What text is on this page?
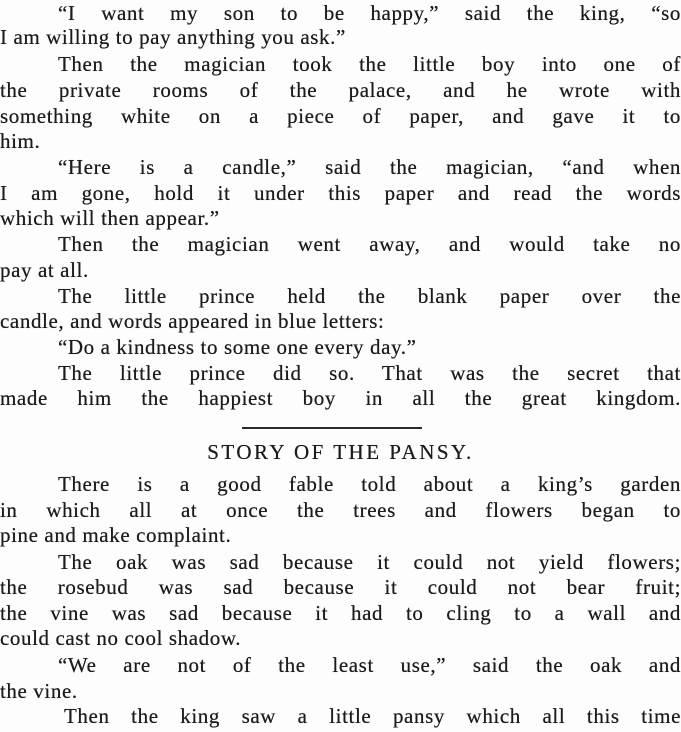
“I want my son to be happy,” said the king, “so
I am willing to pay anything you ask.”
Then the magician took the little boy into one of
the private rooms of the palace, and he wrote with
something white on a piece of paper, and gave it to
him.
“Here is a candle,” said the magician, “and when
I am gone, hold it under this paper and read the words
which will then appear.”
Then the magician went away, and would take no
pay at all.
The little prince held the blank paper over the
candle, and words appeared in blue letters:
“Do a kindness to some one every day.”
The little prince did so. That was the secret that
made him the happiest boy in all the great kingdom.
STORY OF THE PANSY.
There is a good fable told about a king’s garden
in which all at once the trees and flowers began to
pine and make complaint.
The oak was sad because it could not yield flowers;
the rosebud was sad because it could not bear fruit;
the vine was sad because it had to cling to a wall and
could cast no cool shadow.
“We are not of the least use,” said the oak and
the vine.
Then the king saw a little pansy which all this time
